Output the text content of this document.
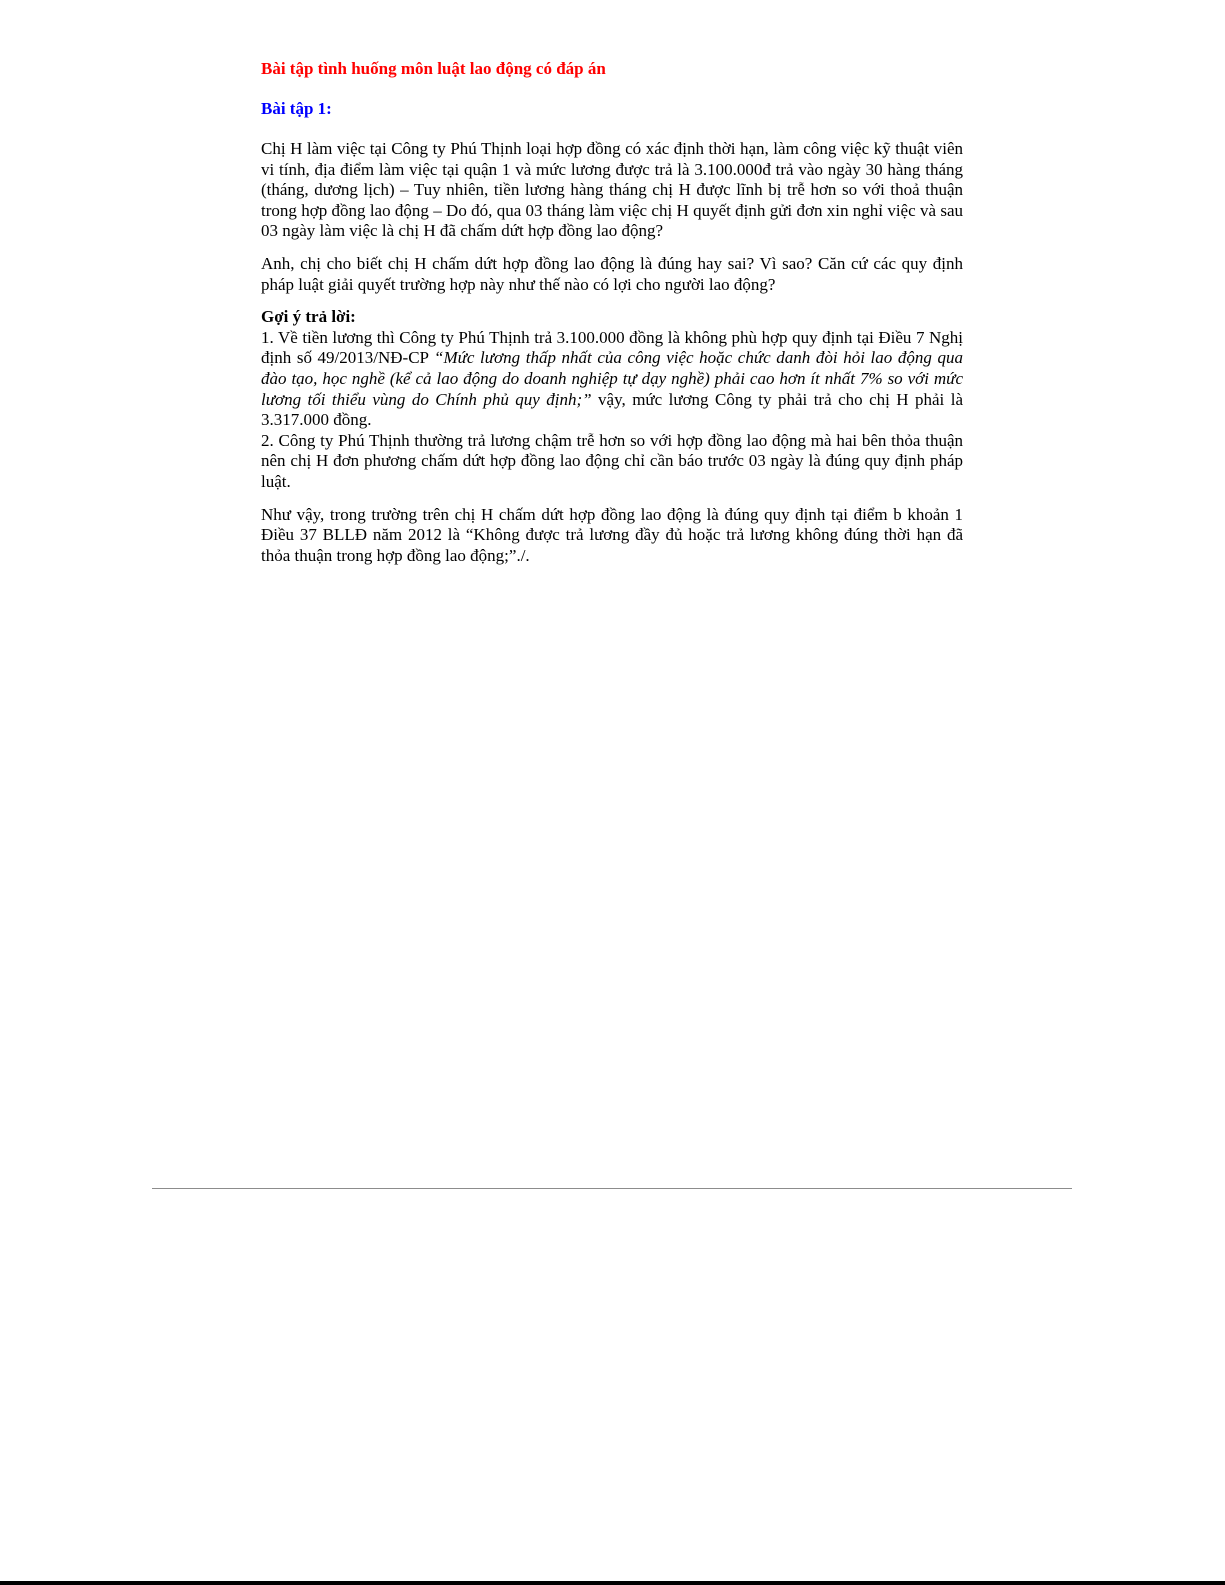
Bài tập tình huống môn luật lao động có đáp án
Bài tập 1:

Chị H làm việc tại Công ty Phú Thịnh loại hợp đồng có xác định thời hạn, làm công việc kỹ thuật viên vi tính, địa điểm làm việc tại quận 1 và mức lương được trả là 3.100.000đ trả vào ngày 30 hàng tháng (tháng, dương lịch) – Tuy nhiên, tiền lương hàng tháng chị H được lĩnh bị trễ hơn so với thoả thuận trong hợp đồng lao động – Do đó, qua 03 tháng làm việc chị H quyết định gửi đơn xin nghỉ việc và sau 03 ngày làm việc là chị H đã chấm dứt hợp đồng lao động?

Anh, chị cho biết chị H chấm dứt hợp đồng lao động là đúng hay sai? Vì sao? Căn cứ các quy định pháp luật giải quyết trường hợp này như thế nào có lợi cho người lao động?

Gợi ý trả lời:

1. Về tiền lương thì Công ty Phú Thịnh trả 3.100.000 đồng là không phù hợp quy định tại Điều 7 Nghị định số 49/2013/NĐ-CP “Mức lương thấp nhất của công việc hoặc chức danh đòi hỏi lao động qua đào tạo, học nghề (kể cả lao động do doanh nghiệp tự dạy nghề) phải cao hơn ít nhất 7% so với mức lương tối thiểu vùng do Chính phủ quy định;” vậy, mức lương Công ty phải trả cho chị H phải là 3.317.000 đồng.

2. Công ty Phú Thịnh thường trả lương chậm trễ hơn so với hợp đồng lao động mà hai bên thỏa thuận nên chị H đơn phương chấm dứt hợp đồng lao động chỉ cần báo trước 03 ngày là đúng quy định pháp luật.

Như vậy, trong trường trên chị H chấm dứt hợp đồng lao động là đúng quy định tại điểm b khoản 1 Điều 37 BLLĐ năm 2012 là “Không được trả lương đầy đủ hoặc trả lương không đúng thời hạn đã thỏa thuận trong hợp đồng lao động;”./.
